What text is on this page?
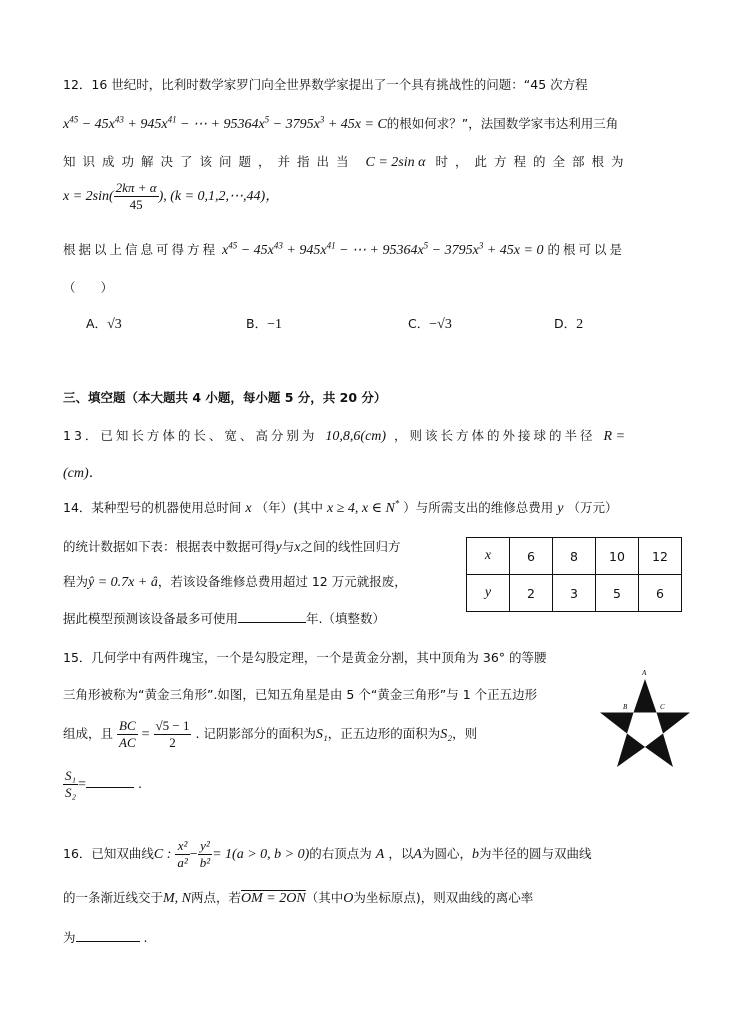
12．16 世纪时，比利时数学家罗门向全世界数学家提出了一个具有挑战性的问题：“45 次方程
$x^{45} - 45x^{43} + 945x^{41}$ − ⋯ + $95364x^5 - 3795x^3 + 45x = C$的根如何求？”，法国数学家韦达利用三角
知识成功解决了该问题，并指出当 C = 2sin α 时，此方程的全部根为
$x = 2\sin( \frac{2k\pi + \alpha}{45}$ ), (k = 0,1,2,⋯,44)，
根据以上信息可得方程 $x^{45} - 45x^{43} + 945x^{41}$ − ⋯ + $95364x^5 - 3795x^3 + 45x = 0$ 的根可以是
（　　）
A．√3	B．−1	C．−√3	D．2
三、填空题（本大题共 4 小题，每小题 5 分，共 20 分）
13．已知长方体的长、宽、高分别为 10,8,6(cm) ，则该长方体的外接球的半径 R =
(cm)．
14．某种型号的机器使用总时间 x （年）(其中 x ≥ 4, x ∈ N* ）与所需支出的维修总费用 y （万元）
的统计数据如下表：根据表中数据可得y与x之间的线性回归方
程为ŷ = 0.7x + â，若该设备维修总费用超过 12 万元就报废，
据此模型预测该设备最多可使用	年.（填整数）
x	6	8	10	12
y	2	3	5	6
15．几何学中有两件瑰宝，一个是勾股定理，一个是黄金分割，其中顶角为 36° 的等腰
三角形被称为“黄金三角形”.如图，已知五角星是由 5 个“黄金三角形”与 1 个正五边形
组成，且 $\frac{BC}{AC} = \frac{√5 - 1}{2}$ . 记阴影部分的面积为S₁，正五边形的面积为S₂，则
$\frac{\text{S₁}}{\text{S₂}}$ =	.
A
B	C
16．已知双曲线C : $\frac{\text{x²}}{\text{a²}} - \frac{\text{y²}}{\text{b²}} = 1(a > 0$, b > 0)的右顶点为 A ，以A为圆心，b为半径的圆与双曲线
的一条渐近线交于M, N两点，若OM = 2ON（其中O为坐标原点)，则双曲线的离心率
为	.
